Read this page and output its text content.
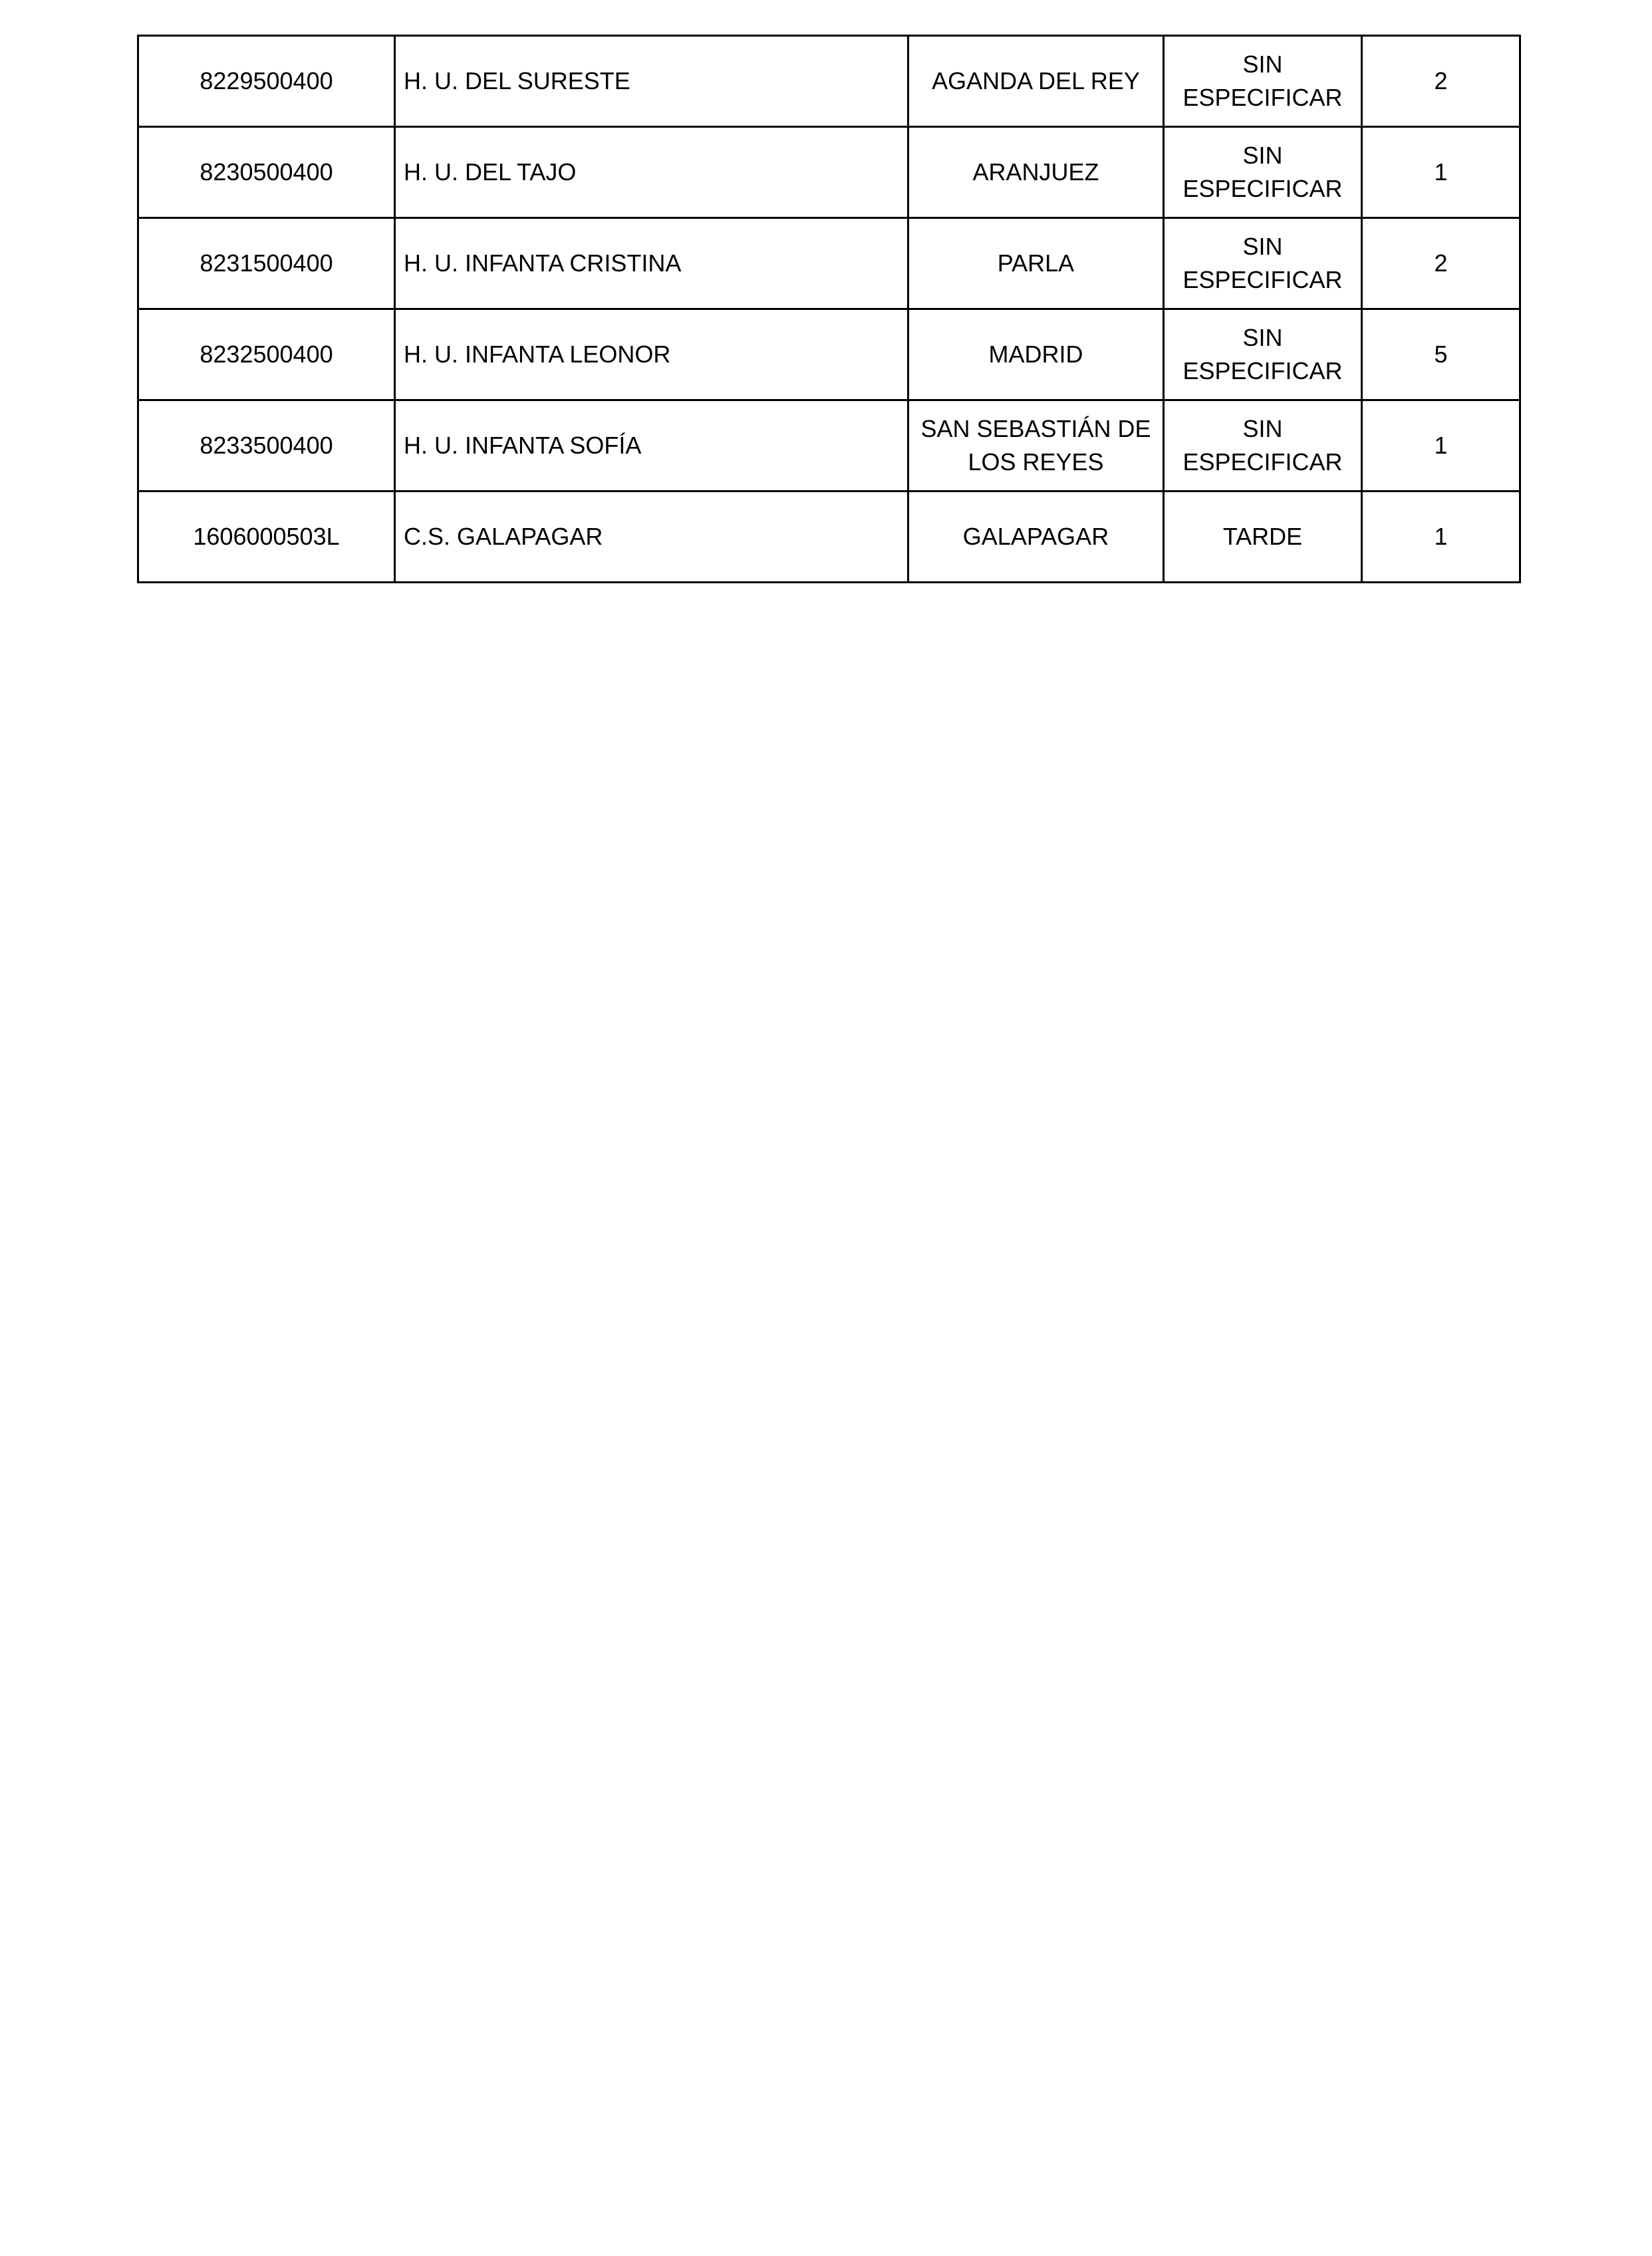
8229500400	H. U. DEL SURESTE	AGANDA DEL REY	SIN ESPECIFICAR	2
8230500400	H. U. DEL TAJO	ARANJUEZ	SIN ESPECIFICAR	1
8231500400	H. U. INFANTA CRISTINA	PARLA	SIN ESPECIFICAR	2
8232500400	H. U. INFANTA LEONOR	MADRID	SIN ESPECIFICAR	5
8233500400	H. U. INFANTA SOFÍA	SAN SEBASTIÁN DE LOS REYES	SIN ESPECIFICAR	1
1606000503L	C.S. GALAPAGAR	GALAPAGAR	TARDE	1
